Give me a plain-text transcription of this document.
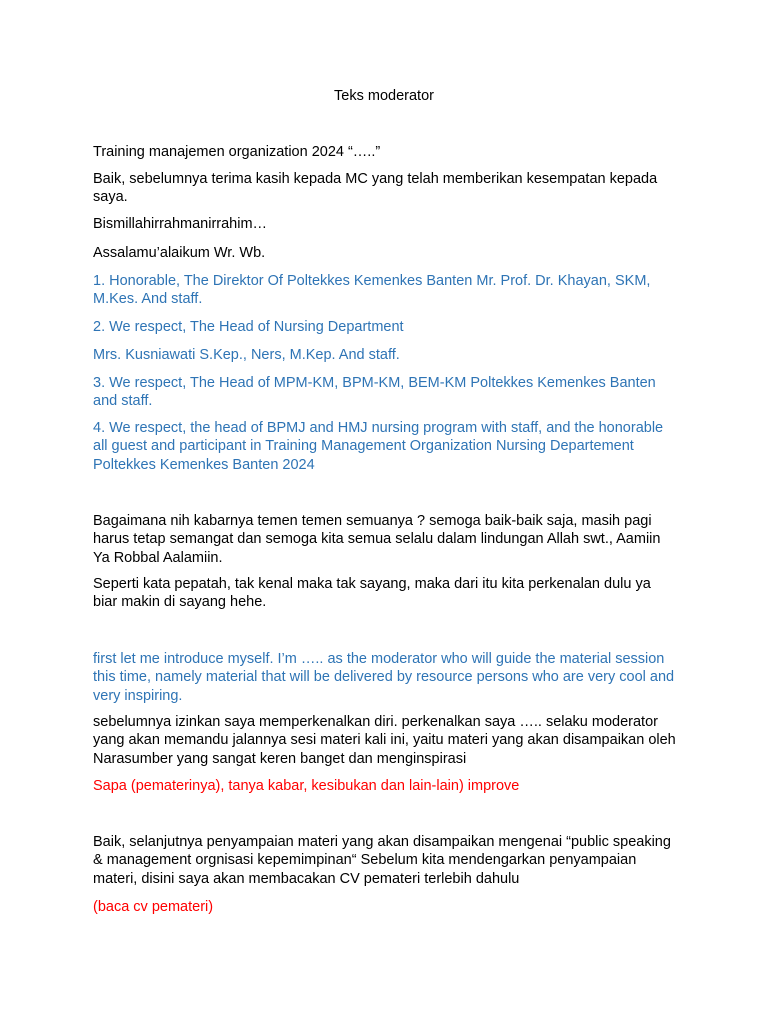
Teks moderator

Training manajemen organization 2024 “…..”

Baik, sebelumnya terima kasih kepada MC yang telah memberikan kesempatan kepada saya.

Bismillahirrahmanirrahim…

Assalamu’alaikum Wr. Wb.

1. Honorable, The Direktor Of Poltekkes Kemenkes Banten Mr. Prof. Dr. Khayan, SKM, M.Kes. And staff.

2. We respect, The Head of Nursing Department

Mrs. Kusniawati S.Kep., Ners, M.Kep. And staff.

3. We respect, The Head of MPM-KM, BPM-KM, BEM-KM Poltekkes Kemenkes Banten and staff.

4. We respect, the head of BPMJ and HMJ nursing program with staff, and the honorable all guest and participant in Training Management Organization Nursing Departement Poltekkes Kemenkes Banten 2024

Bagaimana nih kabarnya temen temen semuanya ? semoga baik-baik saja, masih pagi harus tetap semangat dan semoga kita semua selalu dalam lindungan Allah swt., Aamiin Ya Robbal Aalamiin.

Seperti kata pepatah, tak kenal maka tak sayang, maka dari itu kita perkenalan dulu ya biar makin di sayang hehe.

first let me introduce myself. I’m ….. as the moderator who will guide the material session this time, namely material that will be delivered by resource persons who are very cool and very inspiring.

sebelumnya izinkan saya memperkenalkan diri. perkenalkan saya ….. selaku moderator yang akan memandu jalannya sesi materi kali ini, yaitu materi yang akan disampaikan oleh Narasumber yang sangat keren banget dan menginspirasi

Sapa (pematerinya), tanya kabar, kesibukan dan lain-lain) improve

Baik, selanjutnya penyampaian materi yang akan disampaikan mengenai “public speaking & management orgnisasi kepemimpinan“ Sebelum kita mendengarkan penyampaian materi, disini saya akan membacakan CV pemateri terlebih dahulu

(baca cv pemateri)
